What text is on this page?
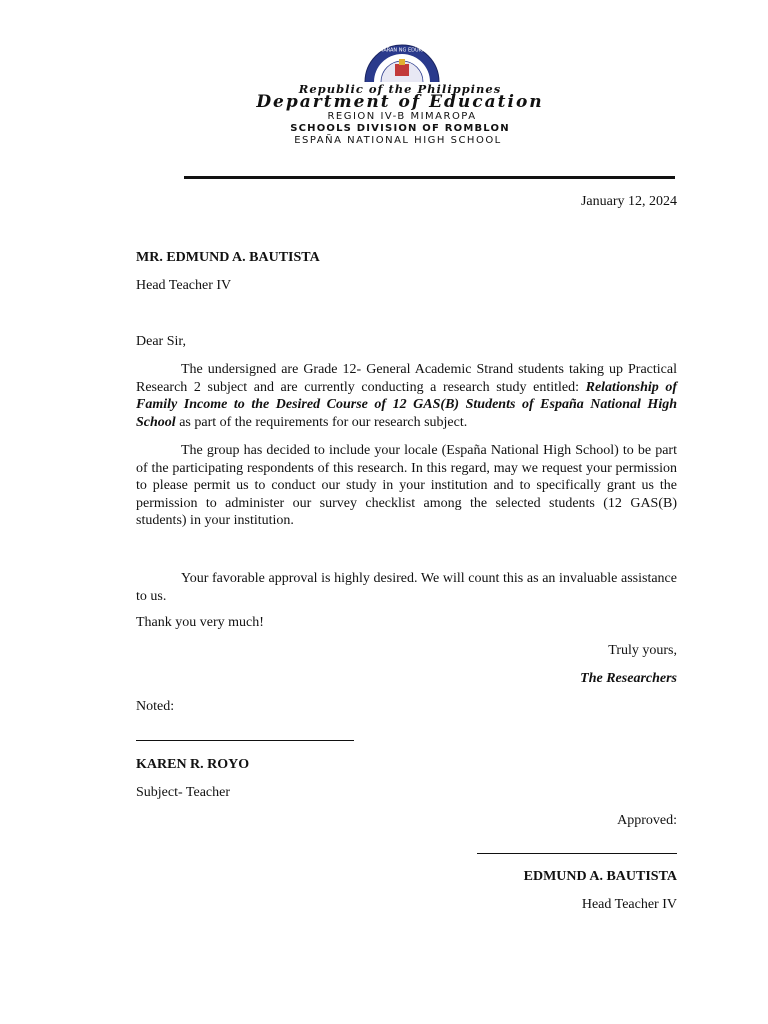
KAGAWARAN NG EDUKASYON
Republic of the Philippines
Department of Education
REGION IV-B MIMAROPA
SCHOOLS DIVISION OF ROMBLON
ESPAÑA NATIONAL HIGH SCHOOL
January 12, 2024
MR. EDMUND A. BAUTISTA
Head Teacher IV
Dear Sir,

The undersigned are Grade 12- General Academic Strand students taking up Practical Research 2 subject and are currently conducting a research study entitled: Relationship of Family Income to the Desired Course of 12 GAS(B) Students of España National High School as part of the requirements for our research subject.

The group has decided to include your locale (España National High School) to be part of the participating respondents of this research. In this regard, may we request your permission to please permit us to conduct our study in your institution and to specifically grant us the permission to administer our survey checklist among the selected students (12 GAS(B) students) in your institution.

Your favorable approval is highly desired. We will count this as an invaluable assistance to us.

Thank you very much!
Truly yours,
The Researchers
Noted:
KAREN R. ROYO
Subject- Teacher
Approved:
EDMUND A. BAUTISTA
Head Teacher IV
